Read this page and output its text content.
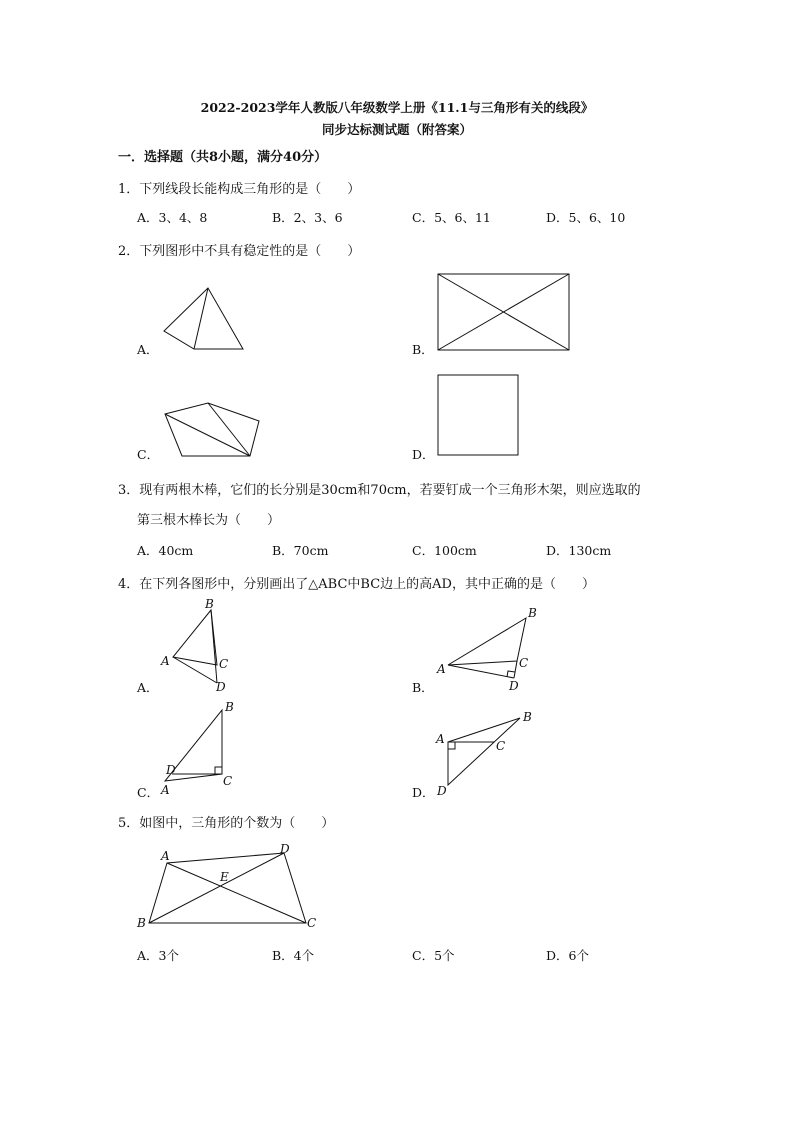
2022-2023学年人教版八年级数学上册《11.1与三角形有关的线段》
同步达标测试题（附答案）
一．选择题（共8小题，满分40分）
1．下列线段长能构成三角形的是（　　）
A．3、4、8	B．2、3、6	C．5、6、11	D．5、6、10
2．下列图形中不具有稳定性的是（　　）
A．	B．
C．	D．
3．现有两根木棒，它们的长分别是30cm和70cm，若要钉成一个三角形木架，则应选取的
第三根木棒长为（　　）
A．40cm	B．70cm	C．100cm	D．130cm
4．在下列各图形中，分别画出了△ABC中BC边上的高AD，其中正确的是（　　）
A．
B
A	C
D	B．
B
A	C
D
C．
B
D
C
A	D．
B
A	C
D
5．如图中，三角形的个数为（　　）
A	D
E
B	C
A．3个	B．4个	C．5个	D．6个
